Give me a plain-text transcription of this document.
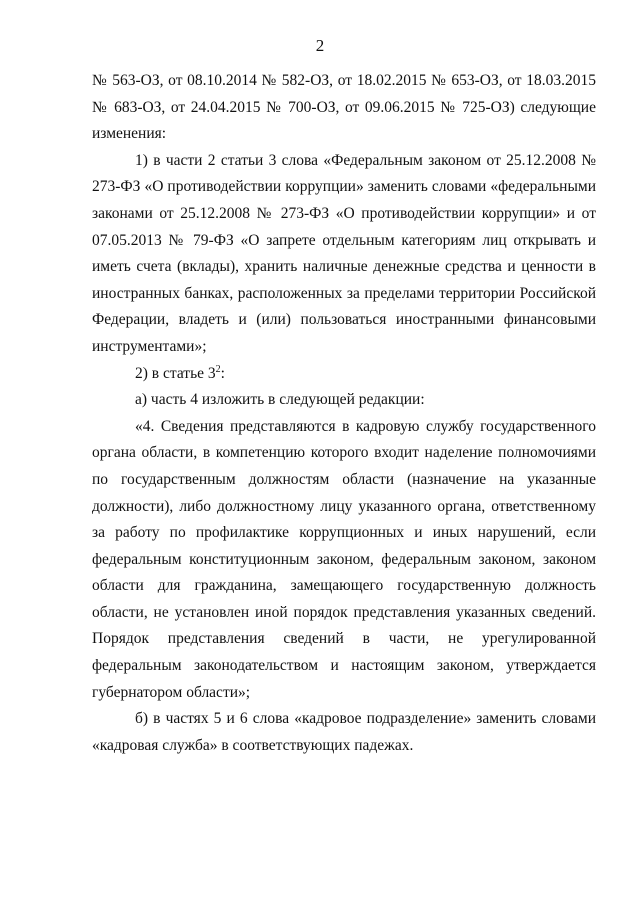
2

№ 563-ОЗ, от 08.10.2014 № 582-ОЗ, от 18.02.2015 № 653-ОЗ, от 18.03.2015 № 683-ОЗ, от 24.04.2015 № 700-ОЗ, от 09.06.2015 № 725-ОЗ) следующие изменения:

1) в части 2 статьи 3 слова «Федеральным законом от 25.12.2008 № 273-ФЗ «О противодействии коррупции» заменить словами «федеральными законами от 25.12.2008 № 273-ФЗ «О противодействии коррупции» и от 07.05.2013 № 79-ФЗ «О запрете отдельным категориям лиц открывать и иметь счета (вклады), хранить наличные денежные средства и ценности в иностранных банках, расположенных за пределами территории Российской Федерации, владеть и (или) пользоваться иностранными финансовыми инструментами»;

2) в статье $3^2$:

а) часть 4 изложить в следующей редакции:

«4. Сведения представляются в кадровую службу государственного органа области, в компетенцию которого входит наделение полномочиями по государственным должностям области (назначение на указанные должности), либо должностному лицу указанного органа, ответственному за работу по профилактике коррупционных и иных нарушений, если федеральным конституционным законом, федеральным законом, законом области для гражданина, замещающего государственную должность области, не установлен иной порядок представления указанных сведений. Порядок представления сведений в части, не урегулированной федеральным законодательством и настоящим законом, утверждается губернатором области»;

б) в частях 5 и 6 слова «кадровое подразделение» заменить словами «кадровая служба» в соответствующих падежах.
